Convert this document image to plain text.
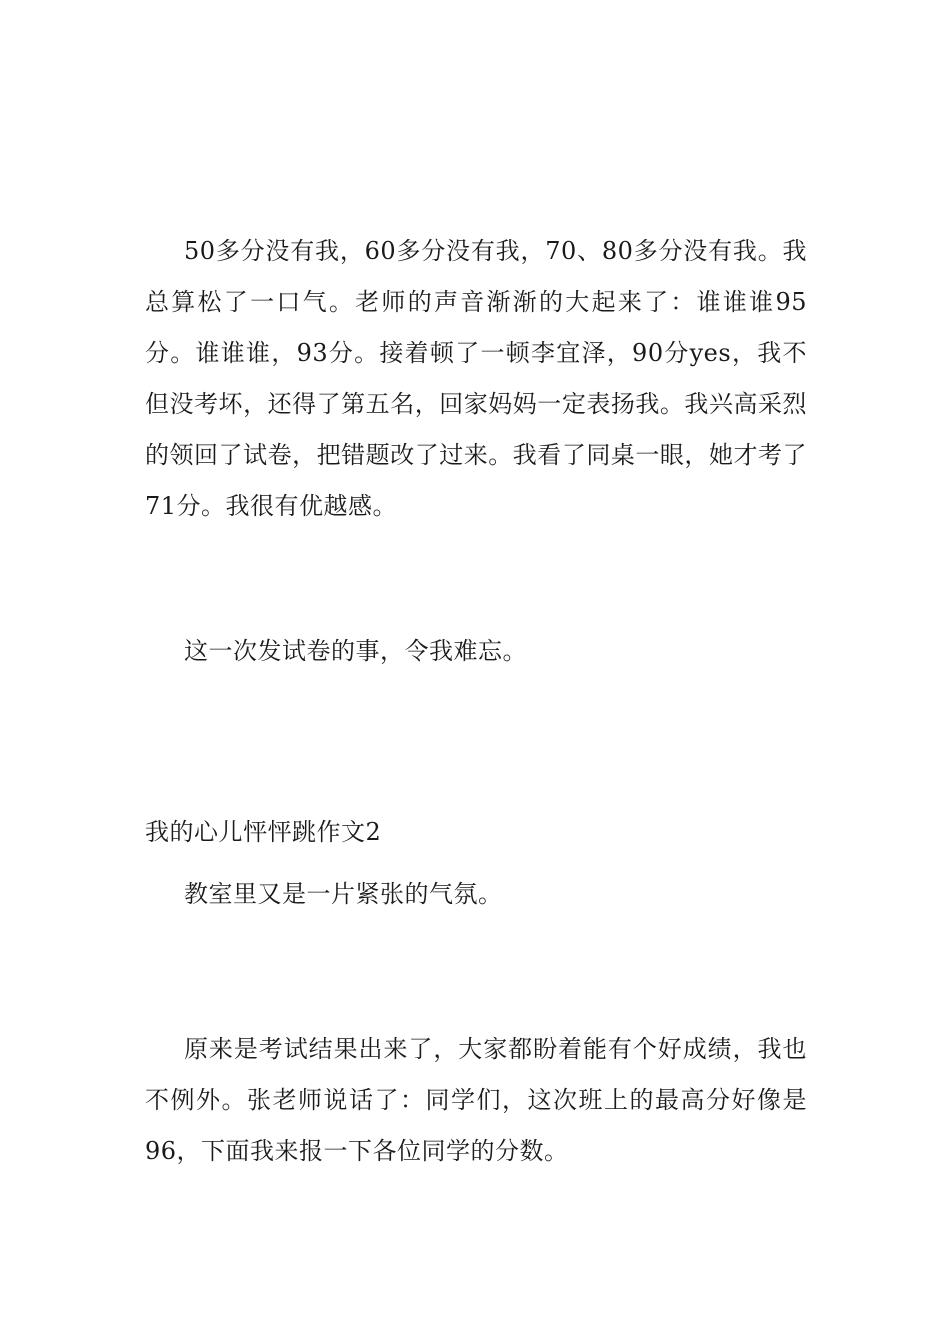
50多分没有我，60多分没有我，70、80多分没有我。我总算松了一口气。老师的声音渐渐的大起来了：谁谁谁95分。谁谁谁，93分。接着顿了一顿李宜泽，90分yes，我不但没考坏，还得了第五名，回家妈妈一定表扬我。我兴高采烈的领回了试卷，把错题改了过来。我看了同桌一眼，她才考了71分。我很有优越感。

这一次发试卷的事，令我难忘。

我的心儿怦怦跳作文2

教室里又是一片紧张的气氛。

原来是考试结果出来了，大家都盼着能有个好成绩，我也不例外。张老师说话了：同学们，这次班上的最高分好像是96，下面我来报一下各位同学的分数。
